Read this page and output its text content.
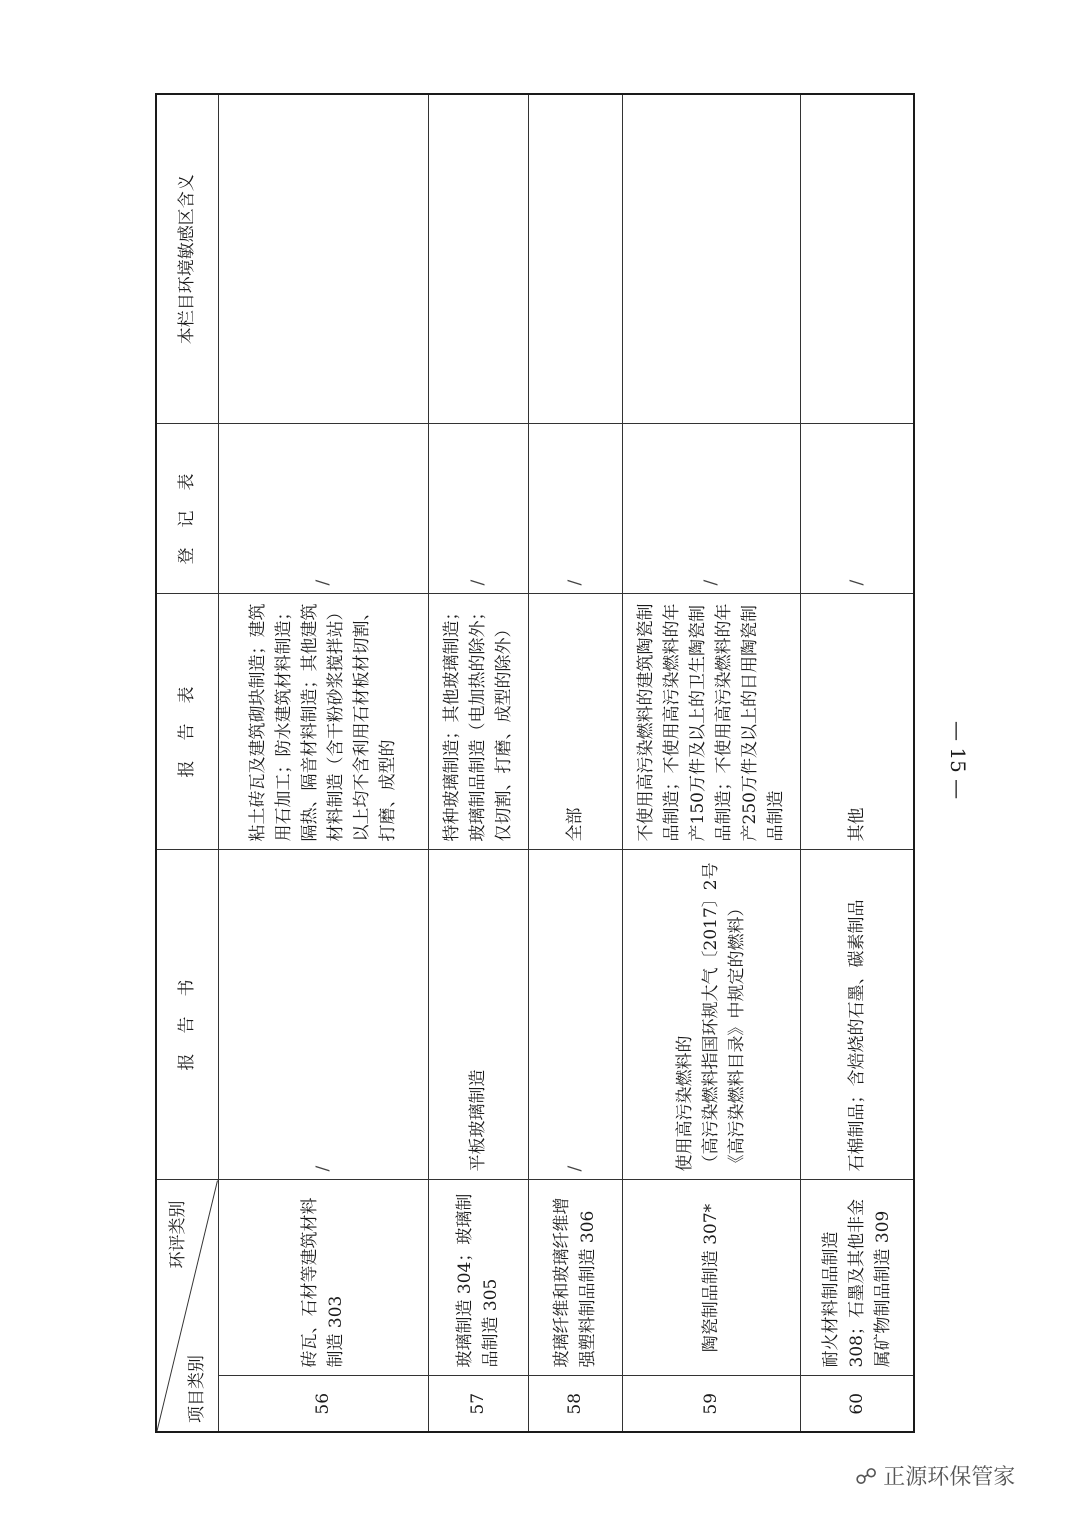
环评类别
项目类别		报告书	报告表	登记表	本栏目环境敏感区含义
56	砖瓦、石材等建筑材料制造 303	/	粘土砖瓦及建筑砌块制造；建筑用石加工；防水建筑材料制造；隔热、隔音材料制造；其他建筑材料制造（含干粉砂浆搅拌站） 以上均不含利用石材板材切割、打磨、成型的	/	
57	玻璃制造 304；玻璃制品制造 305	平板玻璃制造	特种玻璃制造；其他玻璃制造；玻璃制品制造（电加热的除外；仅切割、打磨、成型的除外）	/	
58	玻璃纤维和玻璃纤维增强塑料制品制造 306	/	全部	/	
59	陶瓷制品制造 307*	使用高污染燃料的 （高污染燃料指国环规大气〔2017〕2号《高污染燃料目录》中规定的燃料）	不使用高污染燃料的建筑陶瓷制品制造；不使用高污染燃料的年产150万件及以上的卫生陶瓷制品制造；不使用高污染燃料的年产250万件及以上的日用陶瓷制品制造	/	
60	耐火材料制品制造 308；石墨及其他非金属矿物制品制造 309	石棉制品；含焙烧的石墨、碳素制品	其他	/	
— 15 —
☍ 正源环保管家
